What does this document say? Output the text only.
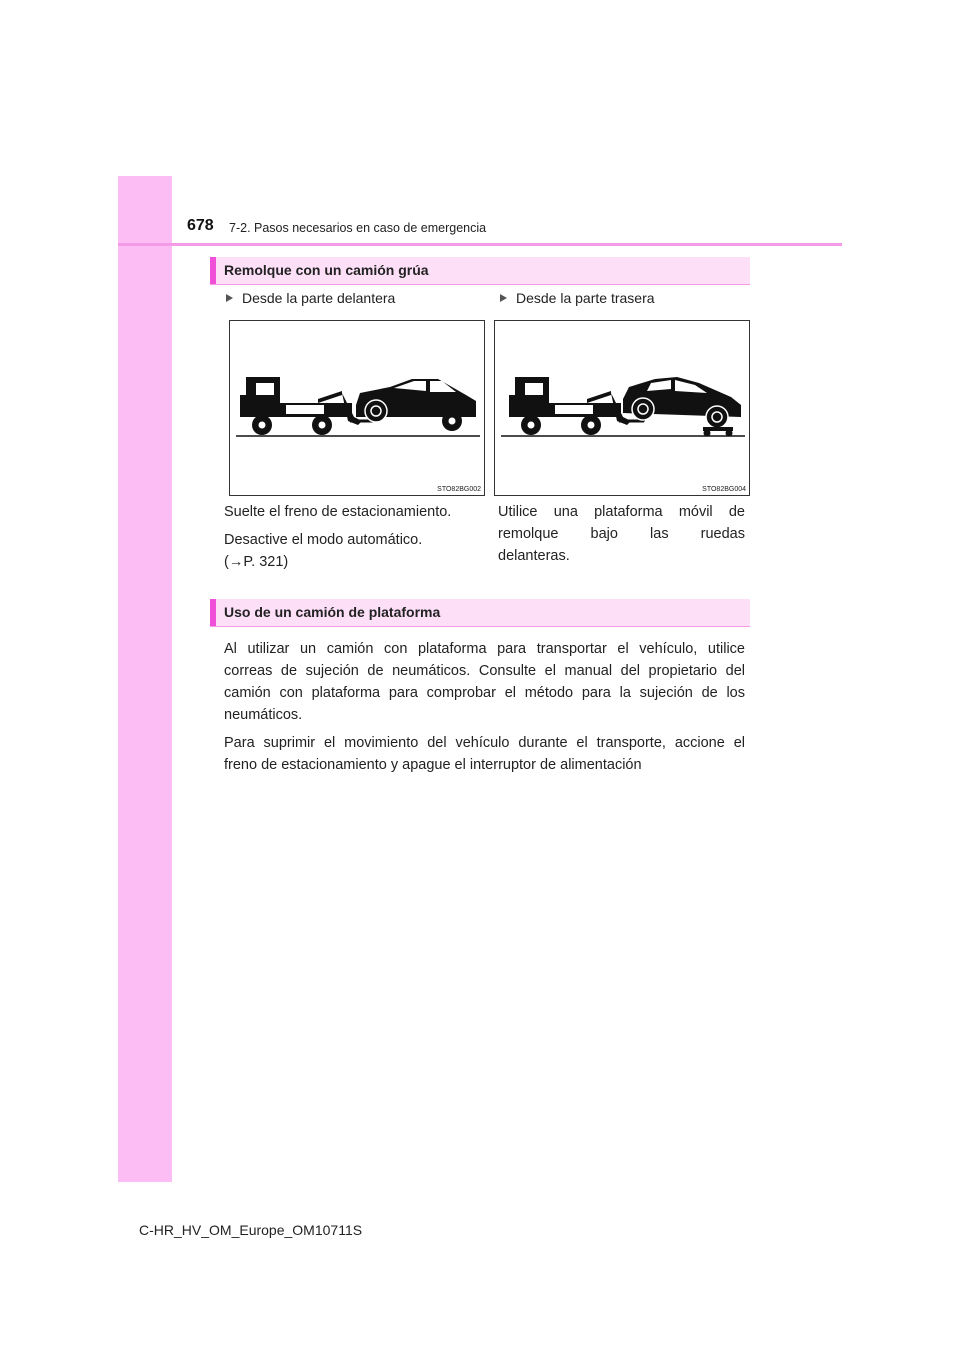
678 7-2. Pasos necesarios en caso de emergencia
Remolque con un camión grúa
Desde la parte delantera	Desde la parte trasera
STO82BG002	STO82BG004
Suelte el freno de estacionamiento.
Desactive el modo automático.
(→P. 321)
Utilice una plataforma móvil de
remolque bajo las ruedas
delanteras.
Uso de un camión de plataforma
Al utilizar un camión con plataforma para transportar el vehículo, utilice
correas de sujeción de neumáticos. Consulte el manual del propietario del
camión con plataforma para comprobar el método para la sujeción de los
neumáticos.
Para suprimir el movimiento del vehículo durante el transporte, accione el
freno de estacionamiento y apague el interruptor de alimentación
C-HR_HV_OM_Europe_OM10711S
